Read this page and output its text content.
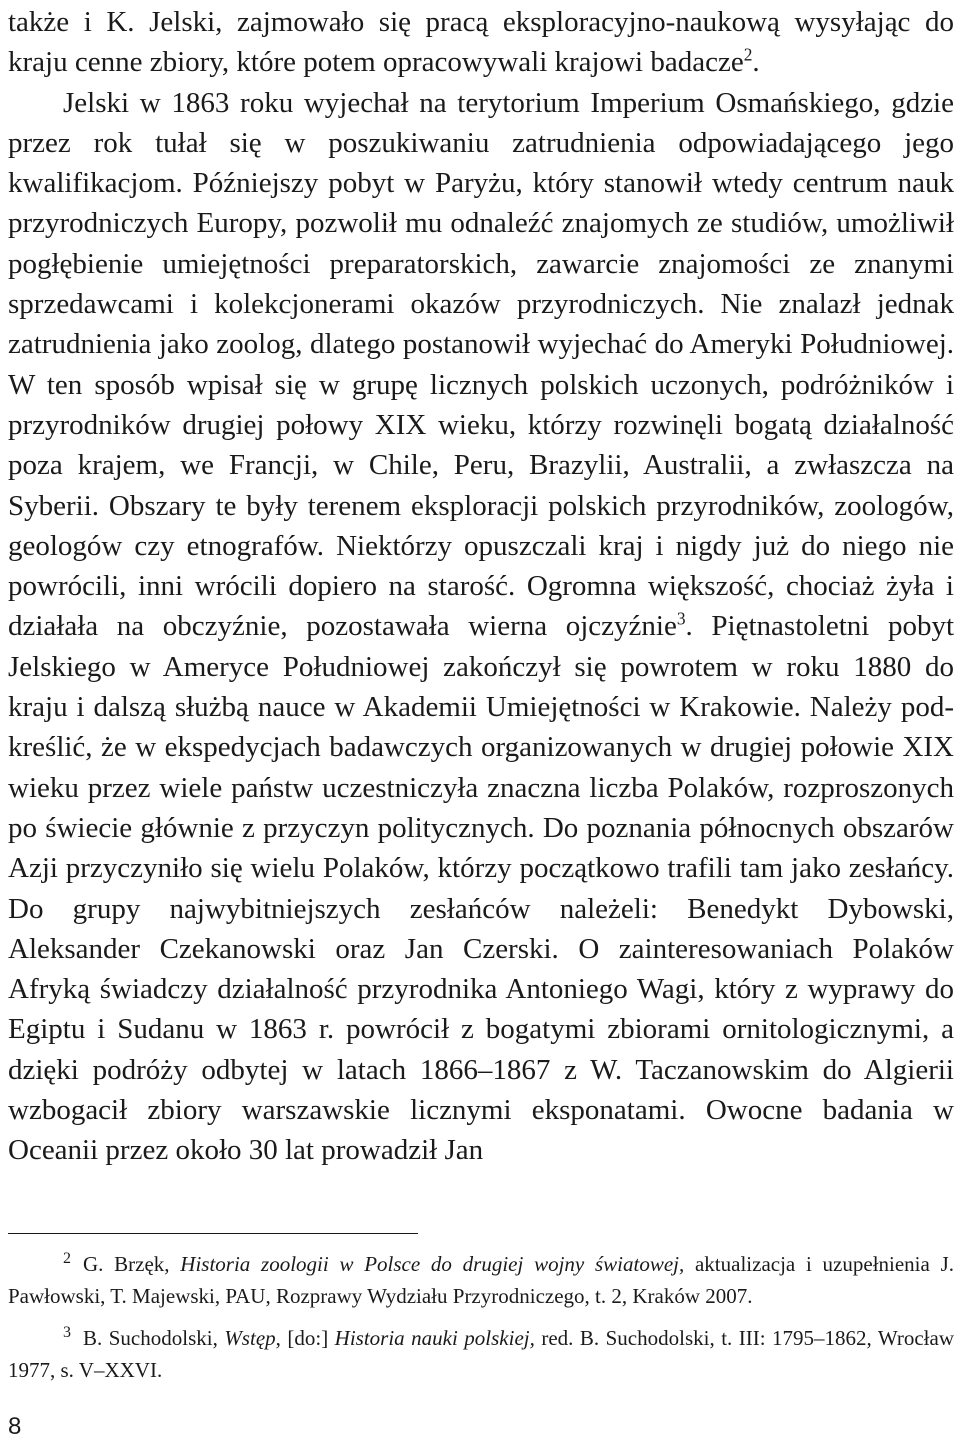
także i K. Jelski, zajmowało się pracą eksploracyjno-naukową wysyłając do kraju cenne zbiory, które potem opracowywali krajowi badacze$^2$.

Jelski w 1863 roku wyjechał na terytorium Imperium Osmańskiego, gdzie przez rok tułał się w poszukiwaniu zatrudnienia odpowiadającego jego kwalifikacjom. Późniejszy pobyt w Paryżu, który stanowił wtedy centrum nauk przyrodniczych Europy, pozwolił mu odnaleźć znajomych ze studiów, umożliwił pogłębienie umiejętności preparatorskich, zawarcie znajomości ze znanymi sprzedawcami i kolekcjonerami okazów przyrodniczych. Nie znalazł jednak zatrudnienia jako zoolog, dlatego postanowił wyjechać do Ameryki Południowej. W ten sposób wpisał się w grupę licznych polskich uczonych, podróżników i przyrodników drugiej połowy XIX wieku, którzy rozwinęli bogatą działalność poza krajem, we Francji, w Chile, Peru, Brazylii, Australii, a zwłaszcza na Syberii. Obszary te były terenem eksploracji polskich przyrodników, zoologów, geologów czy etnografów. Niektórzy opuszczali kraj i nigdy już do niego nie powrócili, inni wrócili dopiero na starość. Ogromna większość, chociaż żyła i działała na obczyźnie, pozostawała wierna ojczyźnie$^3$. Piętnastoletni pobyt Jelskiego w Ameryce Południowej zakończył się powrotem w roku 1880 do kraju i dalszą służbą nauce w Akademii Umiejętności w Krakowie. Należy podkreślić, że w ekspedycjach badawczych organizowanych w drugiej połowie XIX wieku przez wiele państw uczestniczyła znaczna liczba Polaków, rozproszonych po świecie głównie z przyczyn politycznych. Do poznania północnych obszarów Azji przyczyniło się wielu Polaków, którzy początkowo trafili tam jako zesłańcy. Do grupy najwybitniejszych zesłańców należeli: Benedykt Dybowski, Aleksander Czekanowski oraz Jan Czerski. O zainteresowaniach Polaków Afryką świadczy działalność przyrodnika Antoniego Wagi, który z wyprawy do Egiptu i Sudanu w 1863 r. powrócił z bogatymi zbiorami ornitologicznymi, a dzięki podróży odbytej w latach 1866–1867 z W. Taczanowskim do Algierii wzbogacił zbiory warszawskie licznymi eksponatami. Owocne badania w Oceanii przez około 30 lat prowadził Jan

$^2$ G. Brzęk, Historia zoologii w Polsce do drugiej wojny światowej, aktualizacja i uzupełnienia J. Pawłowski, T. Majewski, PAU, Rozprawy Wydziału Przyrodniczego, t. 2, Kraków 2007.

$^3$ B. Suchodolski, Wstęp, [do:] Historia nauki polskiej, red. B. Suchodolski, t. III: 1795–1862, Wrocław 1977, s. V–XXVI.

8
